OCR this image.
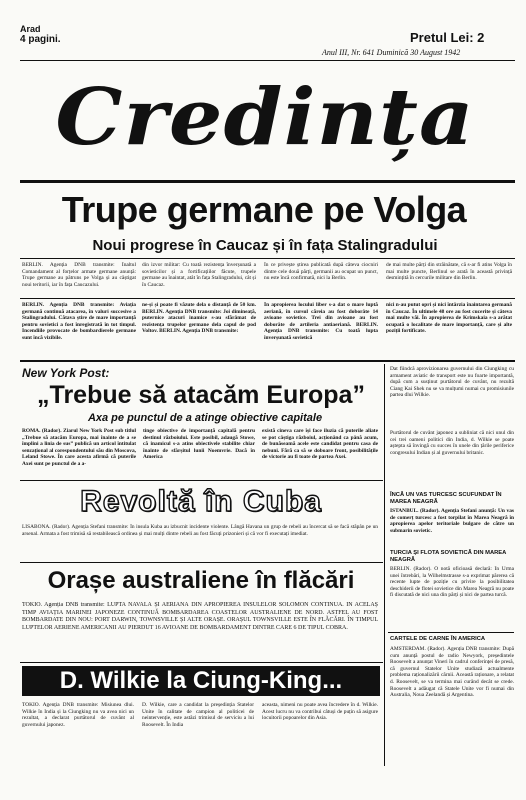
Arad
4 pagini.	Pretul Lei: 2
Anul III, Nr. 641 Duminică 30 August 1942
Credința
Trupe germane pe Volga
Noui progrese în Caucaz și în fața Stalingradului
BERLIN. Agenția DNB transmite: Înaltul Comandament al forțelor armate germane anunță: Trupe germane au pătruns pe Volga și au câștigat noui teritorii, iar în fața Caucazului.
din izvor militar: Cu toată rezistența înverșunată a sovieticilor și a fortificațiilor făcute, trupele germane au înaintat, atât în fața Stalingradului, cât și în Caucaz.
În ce privește știrea publicată după câteva ciocniri dintre cele două părți, germanii au ocupat un punct, nu este încă confirmată, nici la Berlin.
de mai multe părți din străinătate, că s-ar fi atins Volga în mai multe puncte, Berlinul se arată în această privință desmințită în cercurile militare din Berlin.
BERLIN. Agenția DNB transmite: Aviația germană continuă atacarea, în valuri succesive a Stalingradului. Cătava știre de mare importanță pentru sovietici a fost înregistrată în tot timpul. Incendiile provocate de bombardierele germane sunt încă vizibile.
ne-și și poate fi văzute dela o distanță de 50 km. BERLIN. Agenția DNB transmite: Joi dimineață, puternice atacuri inamice s-au sfărâmat de rezistența trupelor germane dela capul de pod Voltov. BERLIN. Agenția DNB transmite:
În apropierea locului liber s-a dat o mare luptă aeriană, în cursul căreia au fost doborâte 14 avioane sovietice. Trei din avioane au fost doborâte de artileria antiaeriană. BERLIN. Agenția DNB transmite: Cu toată lupta înverșunată sovietică
nici n-au putut opri și nici întârzia înaintarea germană în Caucaz. În ultimele 48 ore au fost cucerite și câteva mai multe văi. În apropierea de Krimskaia s-a arătat ocupată o localitate de mare importanță, care și alte poziții fortificate.
New York Post:
„Trebue să atacăm Europa”
Axa pe punctul de a atinge obiective capitale
ROMA. (Rador). Ziarul New York Post sub titlul „Trebue să atacăm Europa, mai înainte de a se împlini a linia de sus” publică un articol întitulat senzațional al corespondentului său din Moscova, Leland Stowe. În care acesta afirmă că puterile Axei sunt pe punctul de a a-
tinge obiective de importanță capitală pentru destinul războiului. Este posibil, adaugă Stowe, că inamicul s-a atins obiectivele stabilite chiar înainte de sfârșitul lunii Noemvrie. Dacă în America
există cineva care își face iluzia că puterile aliate se pot câștiga războiul, acționând ca până acum, de bunăseamă acele este candidat pentru casa de nebuni. Fără ca să se doboare front, posibilitățile de victorie au fi toate de partea Axei.
Revoltă în Cuba
LISABONA. (Rador). Agenția Stefani transmite: În insula Kuba au izbucnit incidente violente. Lângă Havana un grup de rebeli au încercat să se facă stăpân pe un arsenal. Armata a fost trimisă să restabilească ordinea și mai mulți dintre rebeli au fost făcuți prizonieri și că vor fi executați imediat.
Orașe australiene în flăcări
TOKIO. Agenția DNB transmite: LUPTA NAVALĂ ȘI AERIANĂ DIN APROPIEREA INSULELOR SOLOMON CONTINUĂ. ÎN ACELAȘ TIMP AVIAȚIA MARINEI JAPONEZE CONTINUĂ BOMBARDAREA COASTELOR AUSTRALIENE DE NORD. ASTFEL AU FOST BOMBARDATE DIN NOU: PORT DARWIN, TOWNSVILLE ȘI ALTE ORAȘE. ORAȘUL TOWNSVILLE ESTE ÎN FLĂCĂRI. ÎN TIMPUL LUPTELOR AERIENE AMERICANII AU PIERDUT 16 AVIOANE DE BOMBARDAMENT DINTRE CARE 6 DE TIPUL COBRA.
D. Wilkie la Ciung-King...
TOKIO. Agenția DNB transmite: Misiunea dlui. Wilkie în India și la Ciungking nu va avea nici un rezultat, a declarat purtătorul de cuvânt al guvernului japonez.
D. Wilkie, care a candidat la președinția Statelor Unite în calitate de campion al politicei de neintervenție, este astăzi trimisul de serviciu a lui Roosevelt. În India
aceasta, nimeni nu poate avea încredere în d. Wilkie. Acest lucru nu va contribui câtuși de puțin să asigure locuitorii popoarelor din Asia.
Dat fiindcă aprovizionarea guvernului din Ciungking cu armament aviatic de transport este nu foarte importantă, după cum a susținut purtătorul de cuvânt, nu rezultă Ciang Kai Shek nu se va mulțumi numai cu promisiunile partea dlui Wilkie.
Purtătorul de cuvânt japonez a subliniat că nici unul din cei trei oameni politici din India, d. Wilkie se poate aștepta să învingă cu succes în unele din țările periferice congresului Indian și al guvernului britanic.
ÎNCĂ UN VAS TURCESC SCUFUNDAT ÎN MAREA NEAGRĂ
ISTANBUL. (Rador). Agenția Stefani anunță: Un vas de comerț turcesc a fost torpilat în Marea Neagră în apropierea apelor teritoriale bulgare de către un submarin sovietic.
TURCIA ȘI FLOTA SOVIETICĂ DIN MAREA NEAGRĂ
BERLIN. (Rador). O notă oficioasă declară: În Urma unei întrebări, la Wilhelmstrasse s-a exprimat părerea că recente lupte de poziție cu privire la posibilitatea deschiderii de flotei sovietice din Marea Neagră nu poate fi discutată de nici una din părți și nici de partea turcă.
CARTELE DE CARNE ÎN AMERICA
AMSTERDAM. (Rador). Agenția DNB transmite: După cum anunță postul de radio Newyork, președintele Roosevelt a anunțat Vineri în cadrul conferinței de presă, că guvernul Statelor Unite studiază actualmente problema raționalizării cărnii. Această raționare, a relatat d. Roosevelt, se va termina mai curând decât se crede. Roosevelt a adăugat că Statele Unite vor fi numai din Australia, Noua Zeelandă și Argentina.
